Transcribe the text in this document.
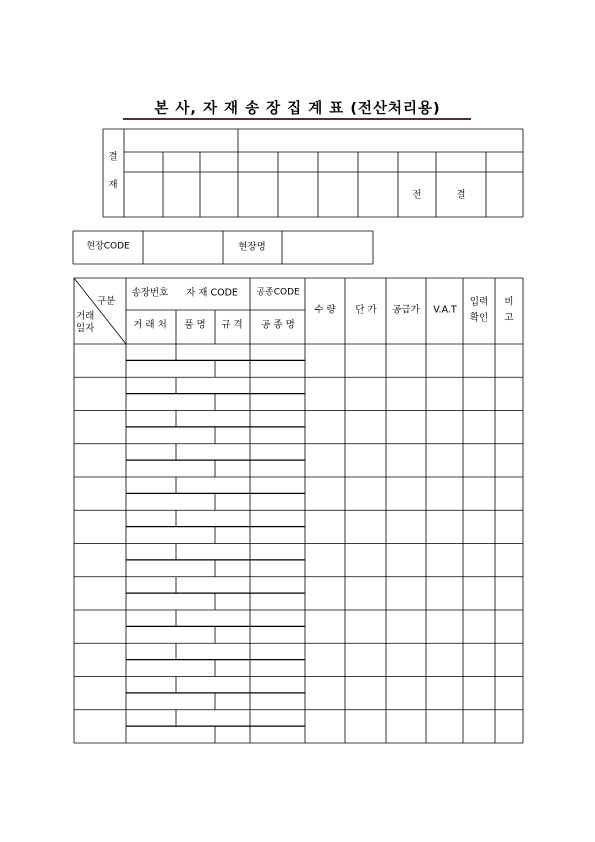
본 사, 자 재 송 장 집 계 표 (전산처리용)
결
재
전	결
현장CODE	현장명
구분
거래
일자
송장번호 자 재 CODE 공종CODE
거 래 처 품 명 규 격 공 종 명
수 량 단 가 공급가 V.A.T
입력
확인
비
고
